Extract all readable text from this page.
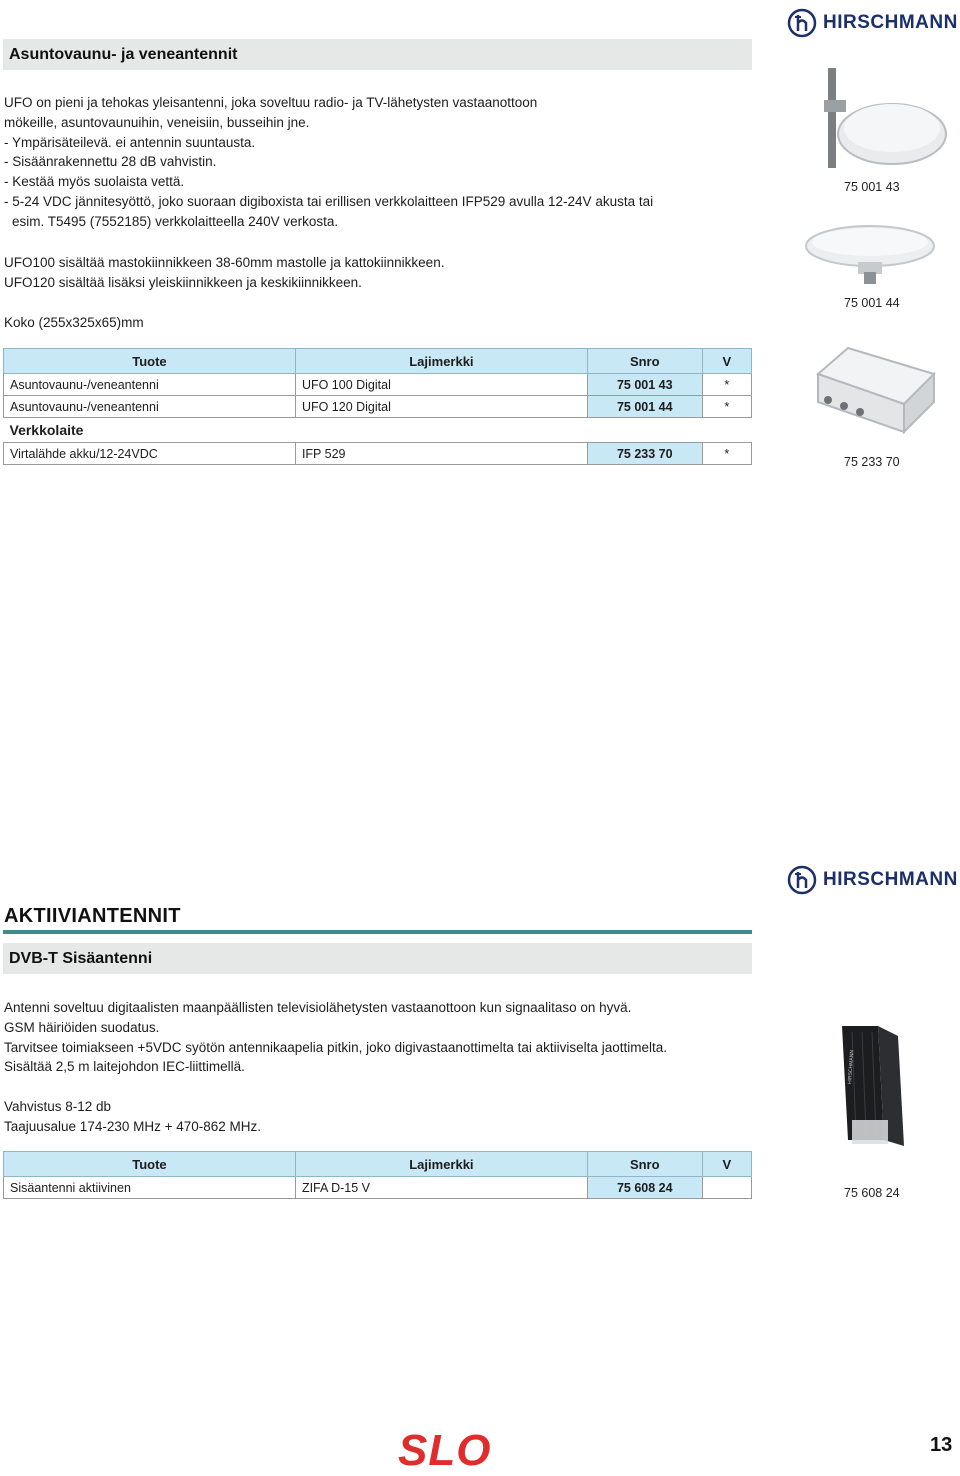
HIRSCHMANN
Asuntovaunu- ja veneantennit
UFO on pieni ja tehokas yleisantenni, joka soveltuu radio- ja TV-lähetysten vastaanottoon
mökeille, asuntovaunuihin, veneisiin, busseihin jne.
- Ympärisäteilevä. ei antennin suuntausta.
- Sisäänrakennettu 28 dB vahvistin.
- Kestää myös suolaista vettä.
- 5-24 VDC jännitesyöttö, joko suoraan digiboxista tai erillisen verkkolaitteen IFP529 avulla 12-24V akusta tai
esim. T5495 (7552185) verkkolaitteella 240V verkosta.
UFO100 sisältää mastokiinnikkeen 38-60mm mastolle ja kattokiinnikkeen.
UFO120 sisältää lisäksi yleiskiinnikkeen ja keskikiinnikkeen.
Koko (255x325x65)mm
Tuote	Lajimerkki	Snro	V
Asuntovaunu-/veneantenni	UFO 100 Digital	75 001 43	*
Asuntovaunu-/veneantenni	UFO 120 Digital	75 001 44	*
Verkkolaite			
Virtalähde akku/12-24VDC	IFP 529	75 233 70	*
75 001 43
75 001 44
75 233 70
HIRSCHMANN
AKTIIVIANTENNIT
DVB-T Sisäantenni
Antenni soveltuu digitaalisten maanpäällisten televisiolähetysten vastaanottoon kun signaalitaso on hyvä.
GSM häiriöiden suodatus.
Tarvitsee toimiakseen +5VDC syötön antennikaapelia pitkin, joko digivastaanottimelta tai aktiiviselta jaottimelta.
Sisältää 2,5 m laitejohdon IEC-liittimellä.
Vahvistus 8-12 db
Taajuusalue 174-230 MHz + 470-862 MHz.
Tuote	Lajimerkki	Snro	V
Sisäantenni aktiivinen	ZIFA D-15 V	75 608 24	
HIRSCHMANN
75 608 24
SLO	13
